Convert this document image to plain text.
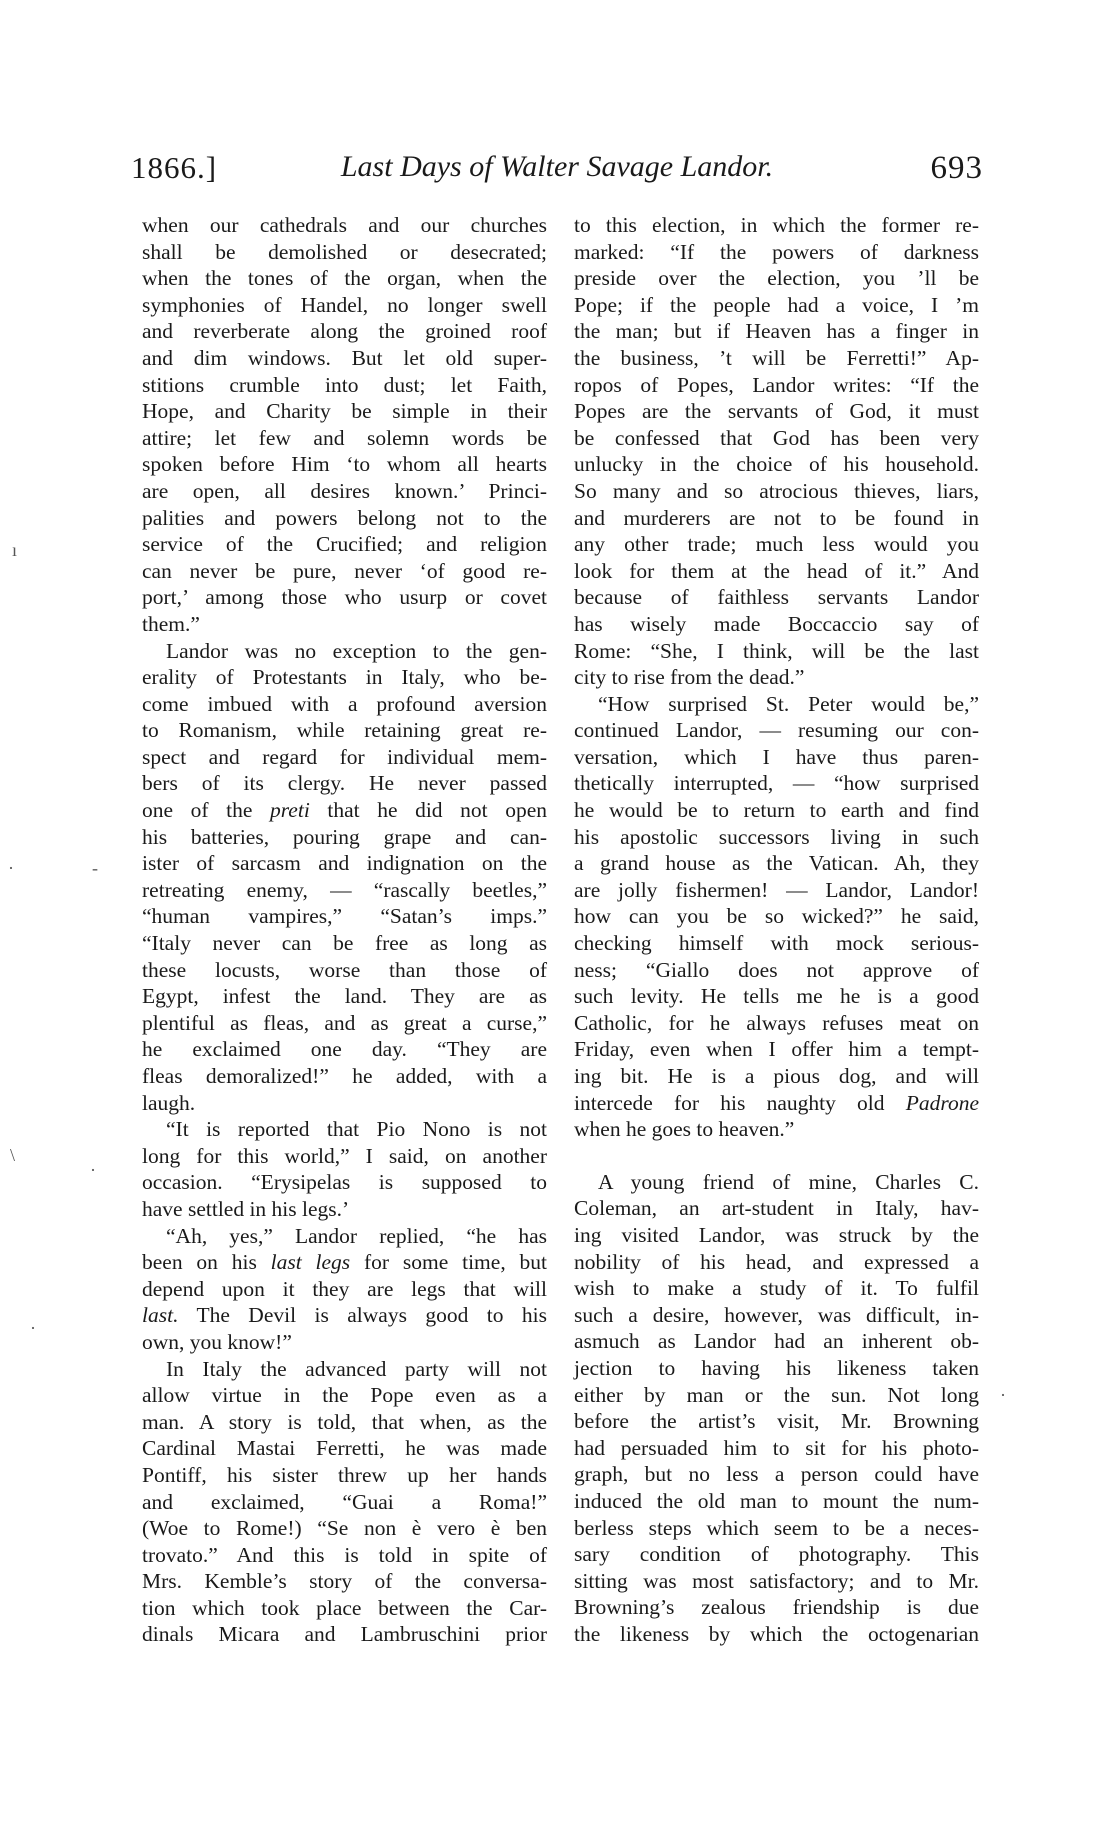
1866.]	Last Days of Walter Savage Landor.	693
when our cathedrals and our churches
shall be demolished or desecrated;
when the tones of the organ, when the
symphonies of Handel, no longer swell
and reverberate along the groined roof
and dim windows. But let old super-
stitions crumble into dust; let Faith,
Hope, and Charity be simple in their
attire; let few and solemn words be
spoken before Him ‘to whom all hearts
are open, all desires known.’ Princi-
palities and powers belong not to the
service of the Crucified; and religion
can never be pure, never ‘of good re-
port,’ among those who usurp or covet
them.”
Landor was no exception to the gen-
erality of Protestants in Italy, who be-
come imbued with a profound aversion
to Romanism, while retaining great re-
spect and regard for individual mem-
bers of its clergy. He never passed
one of the preti that he did not open
his batteries, pouring grape and can-
ister of sarcasm and indignation on the
retreating enemy, — “rascally beetles,”
“human vampires,” “Satan’s imps.”
“Italy never can be free as long as
these locusts, worse than those of
Egypt, infest the land. They are as
plentiful as fleas, and as great a curse,”
he exclaimed one day. “They are
fleas demoralized!” he added, with a
laugh.
“It is reported that Pio Nono is not
long for this world,” I said, on another
occasion. “Erysipelas is supposed to
have settled in his legs.’
“Ah, yes,” Landor replied, “he has
been on his last legs for some time, but
depend upon it they are legs that will
last. The Devil is always good to his
own, you know!”
In Italy the advanced party will not
allow virtue in the Pope even as a
man. A story is told, that when, as the
Cardinal Mastai Ferretti, he was made
Pontiff, his sister threw up her hands
and exclaimed, “Guai a Roma!”
(Woe to Rome!) “Se non è vero è ben
trovato.” And this is told in spite of
Mrs. Kemble’s story of the conversa-
tion which took place between the Car-
dinals Micara and Lambruschini prior
to this election, in which the former re-
marked: “If the powers of darkness
preside over the election, you ’ll be
Pope; if the people had a voice, I ’m
the man; but if Heaven has a finger in
the business, ’t will be Ferretti!” Ap-
ropos of Popes, Landor writes: “If the
Popes are the servants of God, it must
be confessed that God has been very
unlucky in the choice of his household.
So many and so atrocious thieves, liars,
and murderers are not to be found in
any other trade; much less would you
look for them at the head of it.” And
because of faithless servants Landor
has wisely made Boccaccio say of
Rome: “She, I think, will be the last
city to rise from the dead.”
“How surprised St. Peter would be,”
continued Landor, — resuming our con-
versation, which I have thus paren-
thetically interrupted, — “how surprised
he would be to return to earth and find
his apostolic successors living in such
a grand house as the Vatican. Ah, they
are jolly fishermen! — Landor, Landor!
how can you be so wicked?” he said,
checking himself with mock serious-
ness; “Giallo does not approve of
such levity. He tells me he is a good
Catholic, for he always refuses meat on
Friday, even when I offer him a tempt-
ing bit. He is a pious dog, and will
intercede for his naughty old Padrone
when he goes to heaven.”
A young friend of mine, Charles C.
Coleman, an art-student in Italy, hav-
ing visited Landor, was struck by the
nobility of his head, and expressed a
wish to make a study of it. To fulfil
such a desire, however, was difficult, in-
asmuch as Landor had an inherent ob-
jection to having his likeness taken
either by man or the sun. Not long
before the artist’s visit, Mr. Browning
had persuaded him to sit for his photo-
graph, but no less a person could have
induced the old man to mount the num-
berless steps which seem to be a neces-
sary condition of photography. This
sitting was most satisfactory; and to Mr.
Browning’s zealous friendship is due
the likeness by which the octogenarian
ı
·	-
\
·
·
·
